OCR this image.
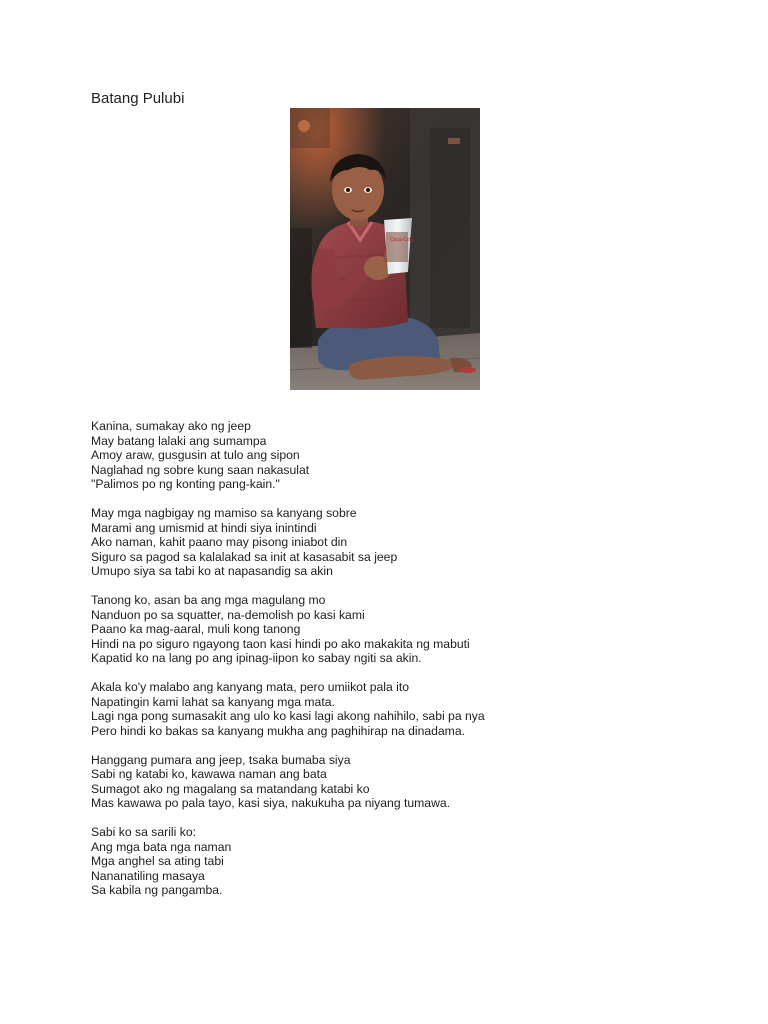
Batang Pulubi
Coca-Cola
Kanina, sumakay ako ng jeep
May batang lalaki ang sumampa
Amoy araw, gusgusin at tulo ang sipon
Naglahad ng sobre kung saan nakasulat
"Palimos po ng konting pang-kain."
May mga nagbigay ng mamiso sa kanyang sobre
Marami ang umismid at hindi siya inintindi
Ako naman, kahit paano may pisong iniabot din
Siguro sa pagod sa kalalakad sa init at kasasabit sa jeep
Umupo siya sa tabi ko at napasandig sa akin
Tanong ko, asan ba ang mga magulang mo
Nanduon po sa squatter, na-demolish po kasi kami
Paano ka mag-aaral, muli kong tanong
Hindi na po siguro ngayong taon kasi hindi po ako makakita ng mabuti
Kapatid ko na lang po ang ipinag-iipon ko sabay ngiti sa akin.
Akala ko'y malabo ang kanyang mata, pero umiikot pala ito
Napatingin kami lahat sa kanyang mga mata.
Lagi nga pong sumasakit ang ulo ko kasi lagi akong nahihilo, sabi pa nya
Pero hindi ko bakas sa kanyang mukha ang paghihirap na dinadama.
Hanggang pumara ang jeep, tsaka bumaba siya
Sabi ng katabi ko, kawawa naman ang bata
Sumagot ako ng magalang sa matandang katabi ko
Mas kawawa po pala tayo, kasi siya, nakukuha pa niyang tumawa.
Sabi ko sa sarili ko:
Ang mga bata nga naman
Mga anghel sa ating tabi
Nananatiling masaya
Sa kabila ng pangamba.
